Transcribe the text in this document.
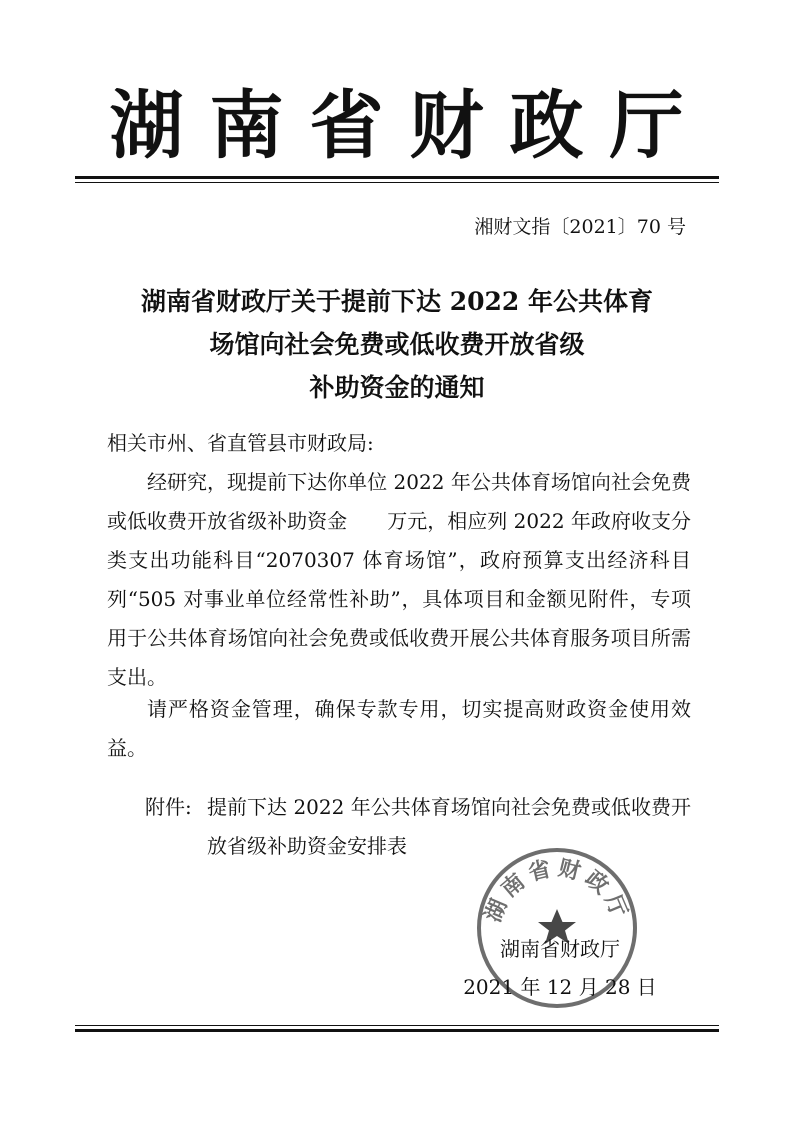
湖南省财政厅
湘财文指〔2021〕70 号
湖南省财政厅关于提前下达 2022 年公共体育
场馆向社会免费或低收费开放省级
补助资金的通知
相关市州、省直管县市财政局:
经研究，现提前下达你单位 2022 年公共体育场馆向社会免费或低收费开放省级补助资金　　万元，相应列 2022 年政府收支分类支出功能科目“2070307 体育场馆”，政府预算支出经济科目列“505 对事业单位经常性补助”，具体项目和金额见附件，专项用于公共体育场馆向社会免费或低收费开展公共体育服务项目所需支出。
请严格资金管理，确保专款专用，切实提高财政资金使用效益。
附件: 提前下达 2022 年公共体育场馆向社会免费或低收费开放省级补助资金安排表
湖南省财政厅
湖南省财政厅
2021 年 12 月 28 日
